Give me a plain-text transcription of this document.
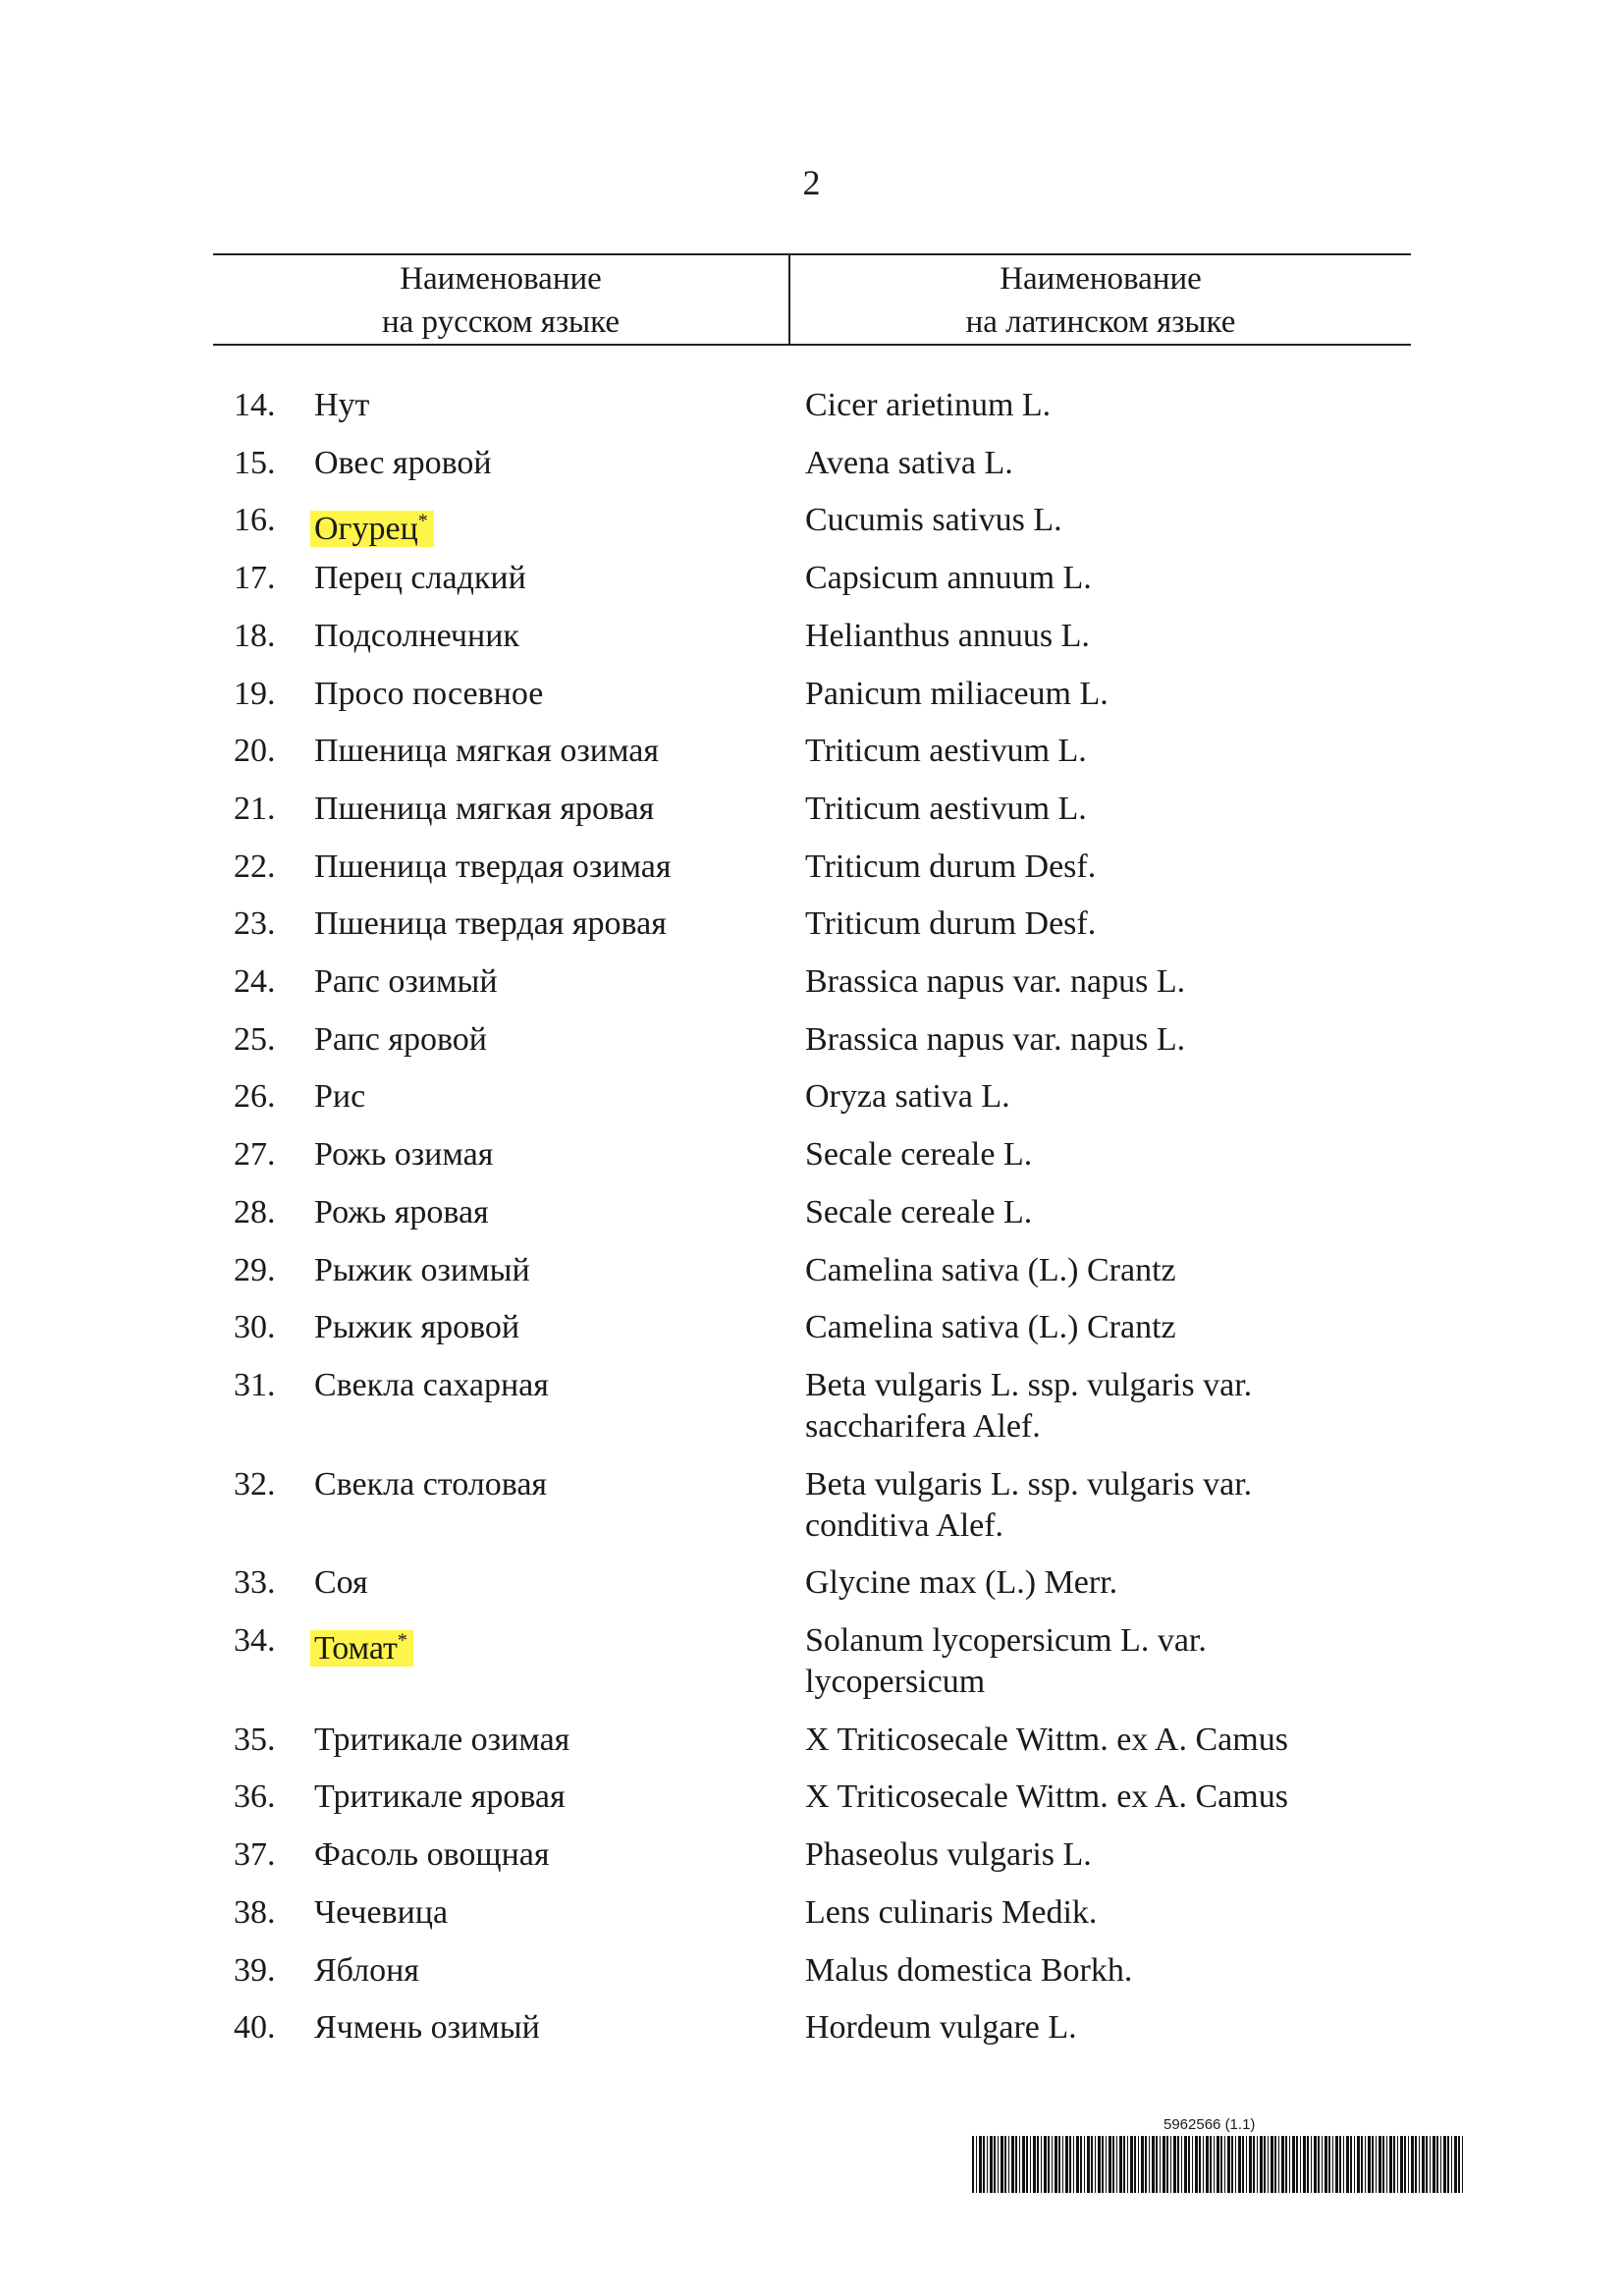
2
Наименование
на русском языке
Наименование
на латинском языке
14. Нут	Cicer arietinum L.
15. Овес яровой	Avena sativa L.
16. Огурец*	Cucumis sativus L.
17. Перец сладкий	Capsicum annuum L.
18. Подсолнечник	Helianthus annuus L.
19. Просо посевное	Panicum miliaceum L.
20. Пшеница мягкая озимая	Triticum aestivum L.
21. Пшеница мягкая яровая	Triticum aestivum L.
22. Пшеница твердая озимая	Triticum durum Desf.
23. Пшеница твердая яровая	Triticum durum Desf.
24. Рапс озимый	Brassica napus var. napus L.
25. Рапс яровой	Brassica napus var. napus L.
26. Рис	Oryza sativa L.
27. Рожь озимая	Secale cereale L.
28. Рожь яровая	Secale cereale L.
29. Рыжик озимый	Camelina sativa (L.) Crantz
30. Рыжик яровой	Camelina sativa (L.) Crantz
31. Свекла сахарная	Beta vulgaris L. ssp. vulgaris var.
saccharifera Alef.
32. Свекла столовая	Beta vulgaris L. ssp. vulgaris var.
conditiva Alef.
33. Соя	Glycine max (L.) Merr.
34. Томат*	Solanum lycopersicum L. var.
lycopersicum
35. Тритикале озимая	X Triticosecale Wittm. ex A. Camus
36. Тритикале яровая	X Triticosecale Wittm. ex A. Camus
37. Фасоль овощная	Phaseolus vulgaris L.
38. Чечевица	Lens culinaris Medik.
39. Яблоня	Malus domestica Borkh.
40. Ячмень озимый	Hordeum vulgare L.
5962566 (1.1)
